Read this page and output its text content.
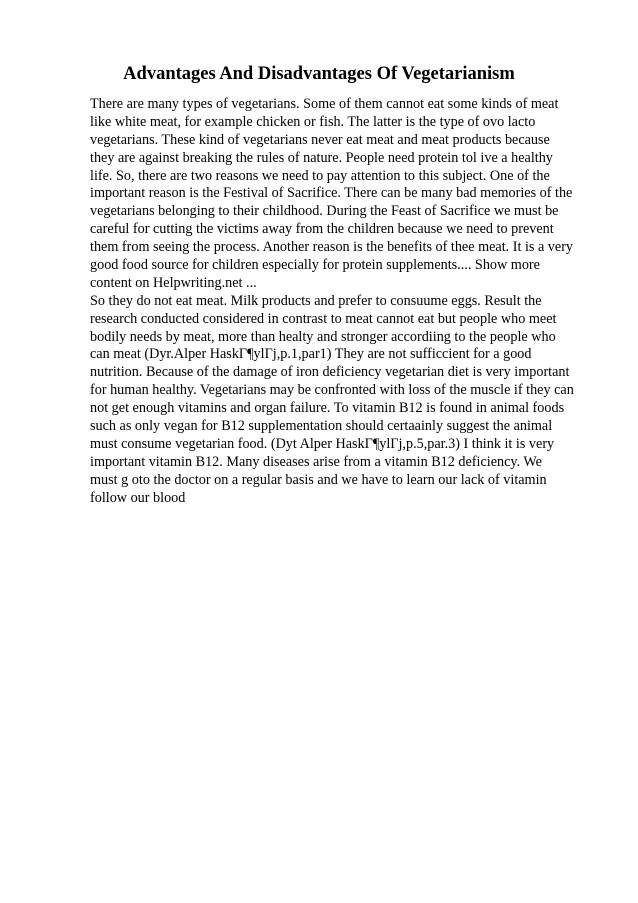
Advantages And Disadvantages Of Vegetarianism
There are many types of vegetarians. Some of them cannot eat some kinds of meat
like white meat, for example chicken or fish. The latter is the type of ovo lacto
vegetarians. These kind of vegetarians never eat meat and meat products because
they are against breaking the rules of nature. People need protein tol ive a healthy
life. So, there are two reasons we need to pay attention to this subject. One of the
important reason is the Festival of Sacrifice. There can be many bad memories of the
vegetarians belonging to their childhood. During the Feast of Sacrifice we must be
careful for cutting the victims away from the children because we need to prevent
them from seeing the process. Another reason is the benefits of thee meat. It is a very
good food source for children especially for protein supplements.... Show more
content on Helpwriting.net ...
So they do not eat meat. Milk products and prefer to consuume eggs. Result the
research conducted considered in contrast to meat cannot eat but people who meet
bodily needs by meat, more than healty and stronger accordiing to the people who
can meat (Dyr.Alper HaskГ¶ylГј,p.1,par1) They are not sufficcient for a good
nutrition. Because of the damage of iron deficiency vegetarian diet is very important
for human healthy. Vegetarians may be confronted with loss of the muscle if they can
not get enough vitamins and organ failure. To vitamin B12 is found in animal foods
such as only vegan for B12 supplementation should certaainly suggest the animal
must consume vegetarian food. (Dyt Alper HaskГ¶ylГј,p.5,par.3) I think it is very
important vitamin B12. Many diseases arise from a vitamin B12 deficiency. We
must g oto the doctor on a regular basis and we have to learn our lack of vitamin
follow our blood
